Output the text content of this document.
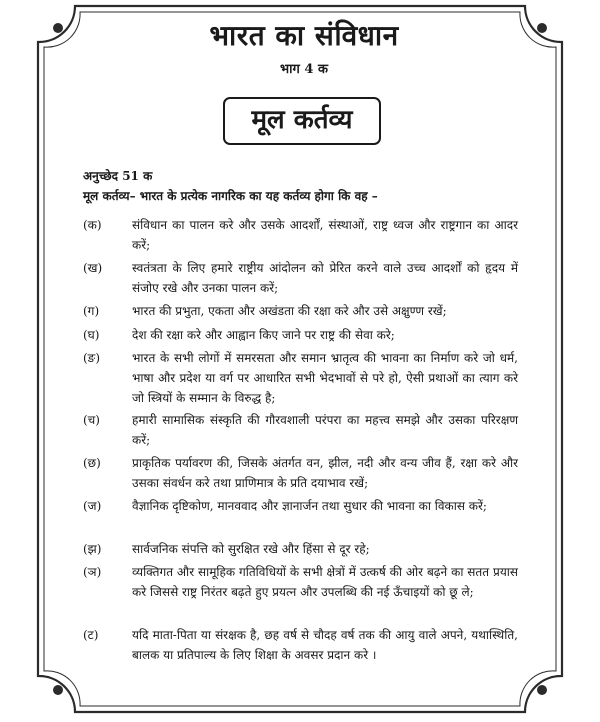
भारत का संविधान
भाग 4 क
मूल कर्तव्य
अनुच्छेद 51 क
मूल कर्तव्य– भारत के प्रत्येक नागरिक का यह कर्तव्य होगा कि वह –
(क)	संविधान का पालन करे और उसके आदर्शों, संस्थाओं, राष्ट्र ध्वज और राष्ट्रगान का आदर करें;
(ख)	स्वतंत्रता के लिए हमारे राष्ट्रीय आंदोलन को प्रेरित करने वाले उच्च आदर्शों को हृदय में संजोए रखे और उनका पालन करें;
(ग)	भारत की प्रभुता, एकता और अखंडता की रक्षा करे और उसे अक्षुण्ण रखें;
(घ)	देश की रक्षा करे और आह्वान किए जाने पर राष्ट्र की सेवा करे;
(ङ)	भारत के सभी लोगों में समरसता और समान भ्रातृत्व की भावना का निर्माण करे जो धर्म, भाषा और प्रदेश या वर्ग पर आधारित सभी भेदभावों से परे हो, ऐसी प्रथाओं का त्याग करे जो स्त्रियों के सम्मान के विरुद्ध है;
(च)	हमारी सामासिक संस्कृति की गौरवशाली परंपरा का महत्त्व समझे और उसका परिरक्षण करें;
(छ)	प्राकृतिक पर्यावरण की, जिसके अंतर्गत वन, झील, नदी और वन्य जीव हैं, रक्षा करे और उसका संवर्धन करे तथा प्राणिमात्र के प्रति दयाभाव रखें;
(ज)	वैज्ञानिक दृष्टिकोण, मानववाद और ज्ञानार्जन तथा सुधार की भावना का विकास करें;
(झ)	सार्वजनिक संपत्ति को सुरक्षित रखे और हिंसा से दूर रहे;
(ञ)	व्यक्तिगत और सामूहिक गतिविधियों के सभी क्षेत्रों में उत्कर्ष की ओर बढ़ने का सतत प्रयास करे जिससे राष्ट्र निरंतर बढ़ते हुए प्रयत्न और उपलब्धि की नई ऊँचाइयों को छू ले;
(ट)	यदि माता-पिता या संरक्षक है, छह वर्ष से चौदह वर्ष तक की आयु वाले अपने, यथास्थिति, बालक या प्रतिपाल्य के लिए शिक्षा के अवसर प्रदान करे ।
